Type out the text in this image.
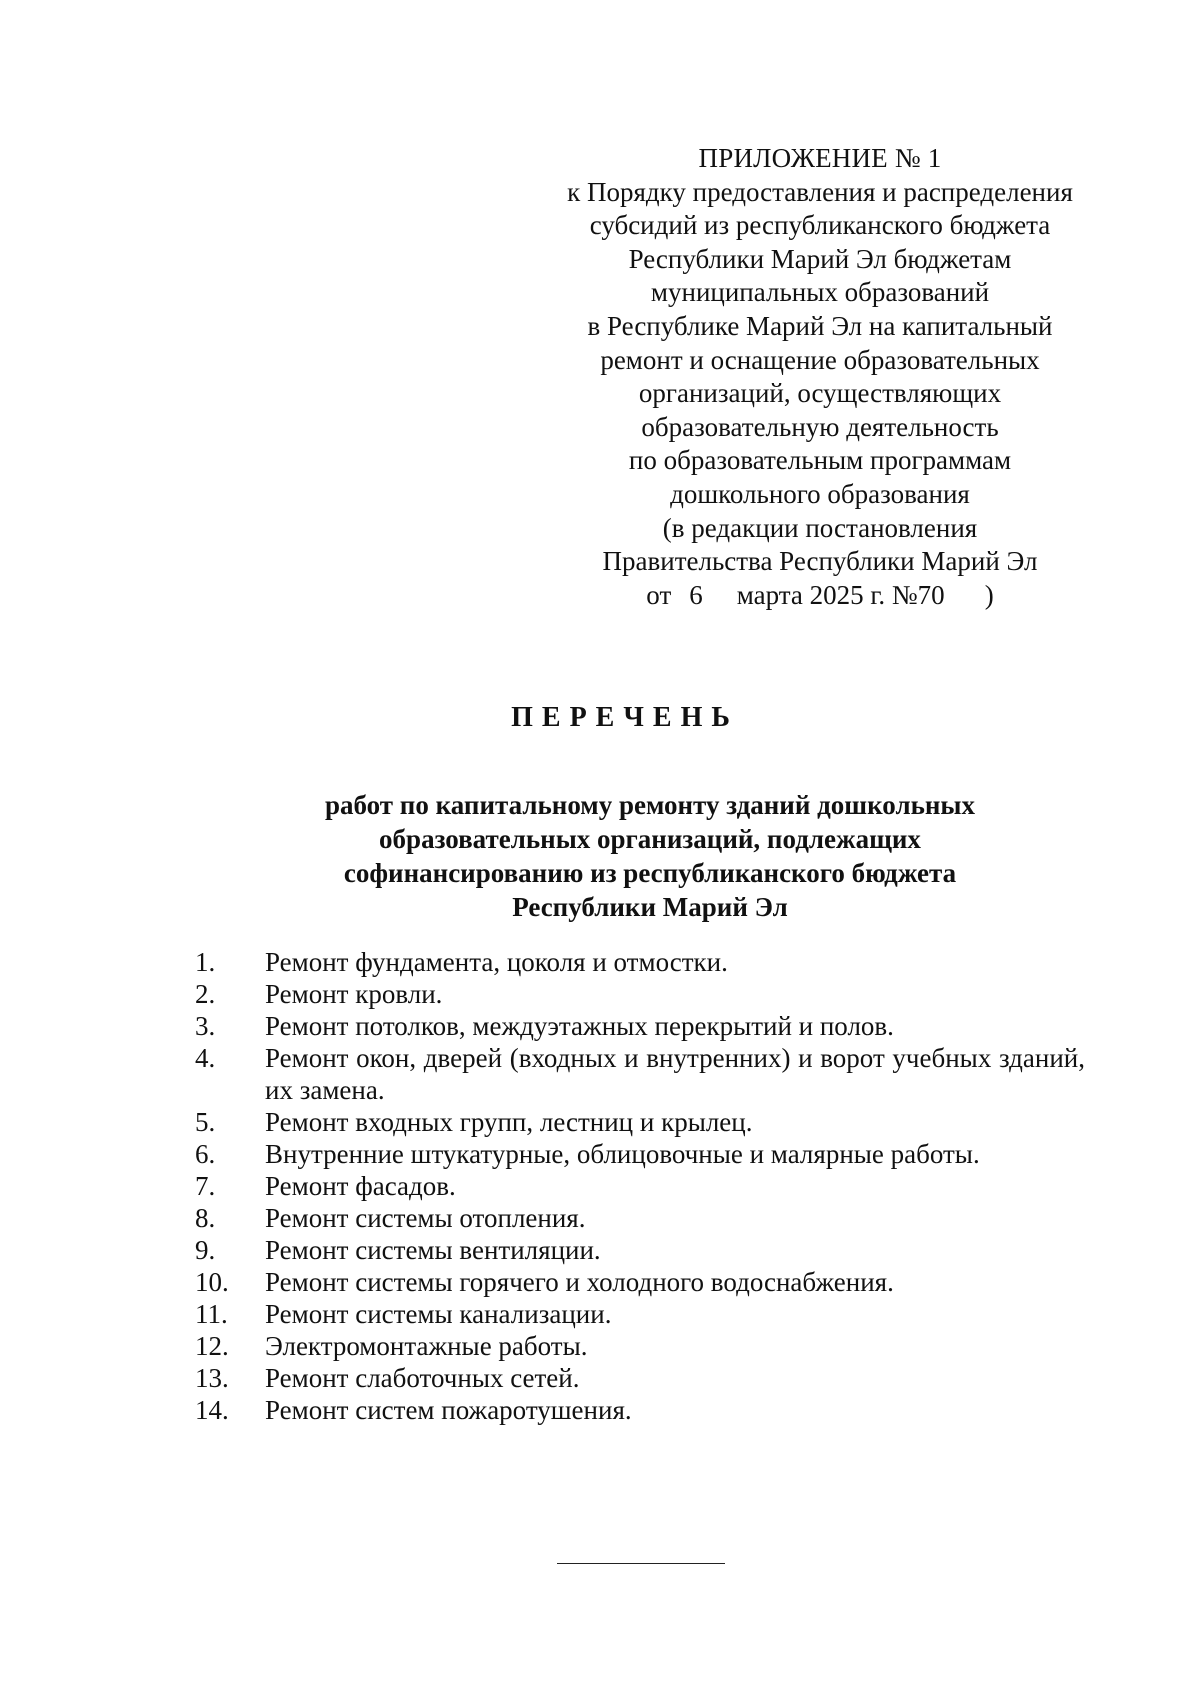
ПРИЛОЖЕНИЕ № 1
к Порядку предоставления и распределения
субсидий из республиканского бюджета
Республики Марий Эл бюджетам
муниципальных образований
в Республике Марий Эл на капитальный
ремонт и оснащение образовательных
организаций, осуществляющих
образовательную деятельность
по образовательным программам
дошкольного образования
(в редакции постановления
Правительства Республики Марий Эл
от 6 марта 2025 г. №70 )
ПЕРЕЧЕНЬ
работ по капитальному ремонту зданий дошкольных
образовательных организаций, подлежащих
софинансированию из республиканского бюджета
Республики Марий Эл
1.	Ремонт фундамента, цоколя и отмостки.
2.	Ремонт кровли.
3.	Ремонт потолков, междуэтажных перекрытий и полов.
4.	Ремонт окон, дверей (входных и внутренних) и ворот учебных зданий, их замена.
5.	Ремонт входных групп, лестниц и крылец.
6.	Внутренние штукатурные, облицовочные и малярные работы.
7.	Ремонт фасадов.
8.	Ремонт системы отопления.
9.	Ремонт системы вентиляции.
10.	Ремонт системы горячего и холодного водоснабжения.
11.	Ремонт системы канализации.
12.	Электромонтажные работы.
13.	Ремонт слаботочных сетей.
14.	Ремонт систем пожаротушения.
